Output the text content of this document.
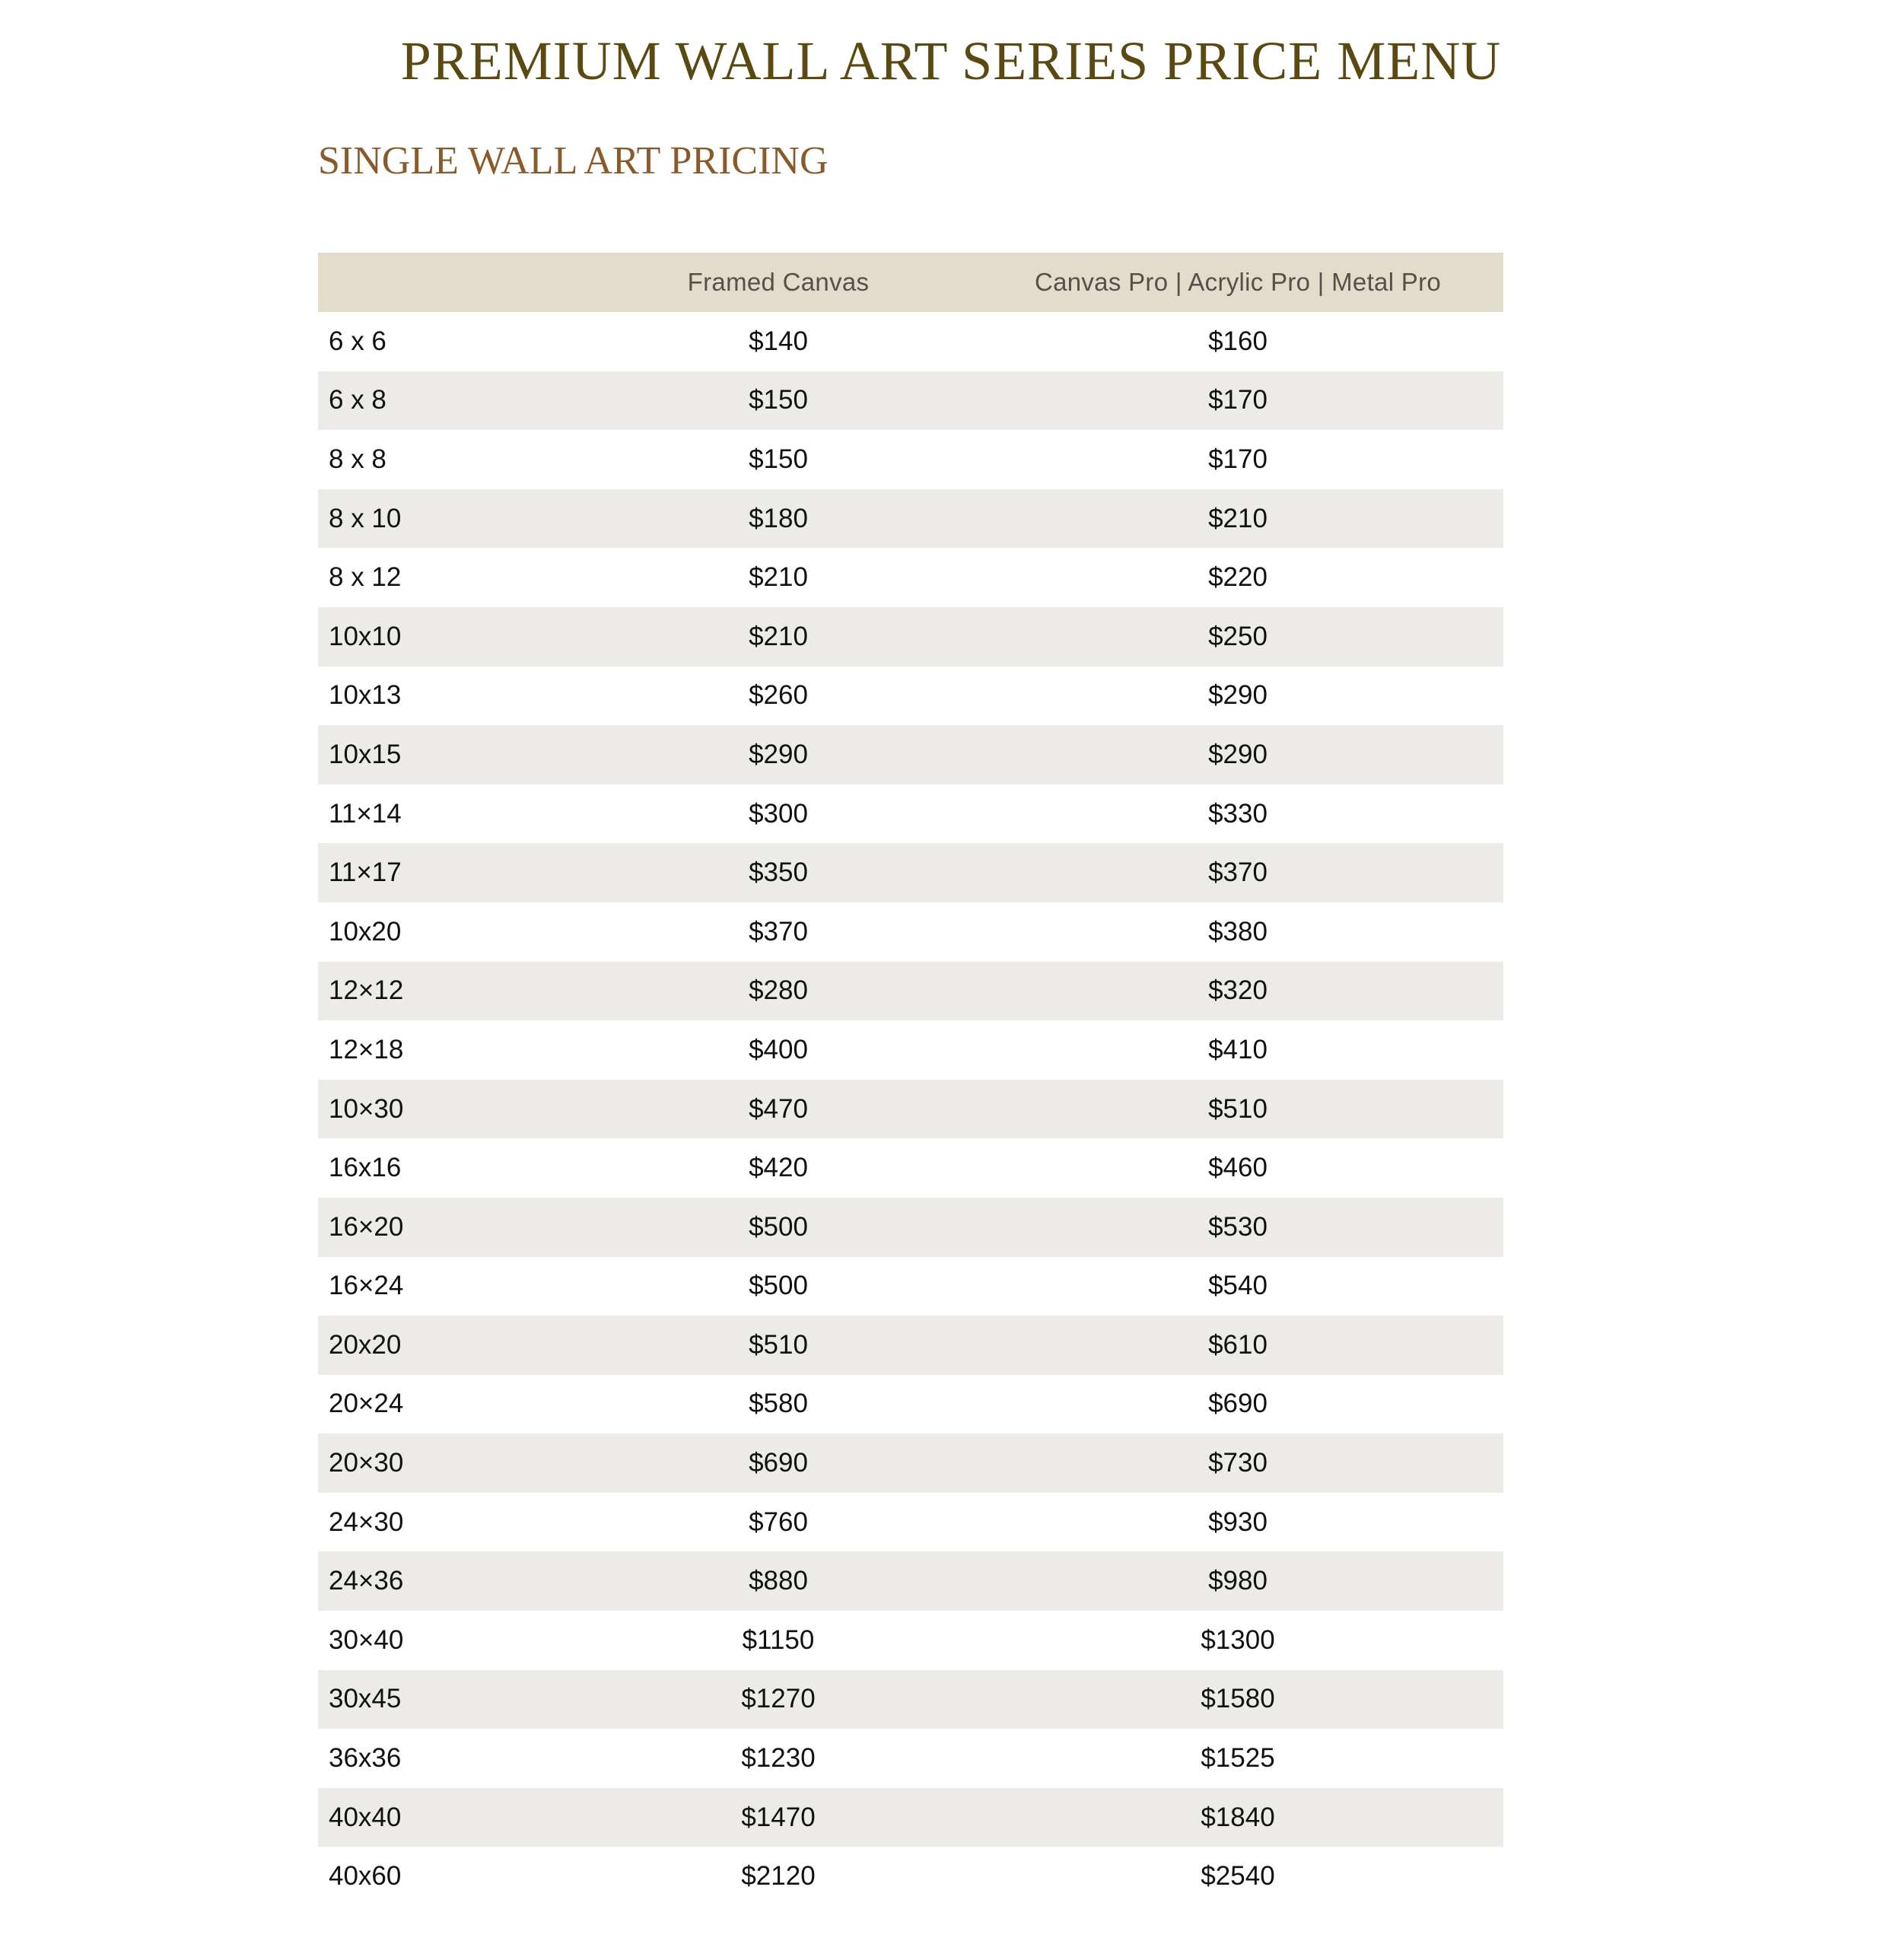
PREMIUM WALL ART SERIES PRICE MENU
SINGLE WALL ART PRICING
	Framed Canvas	Canvas Pro | Acrylic Pro | Metal Pro
6 x 6	$140	$160
6 x 8	$150	$170
8 x 8	$150	$170
8 x 10	$180	$210
8 x 12	$210	$220
10x10	$210	$250
10x13	$260	$290
10x15	$290	$290
11×14	$300	$330
11×17	$350	$370
10x20	$370	$380
12×12	$280	$320
12×18	$400	$410
10×30	$470	$510
16x16	$420	$460
16×20	$500	$530
16×24	$500	$540
20x20	$510	$610
20×24	$580	$690
20×30	$690	$730
24×30	$760	$930
24×36	$880	$980
30×40	$1150	$1300
30x45	$1270	$1580
36x36	$1230	$1525
40x40	$1470	$1840
40x60	$2120	$2540
